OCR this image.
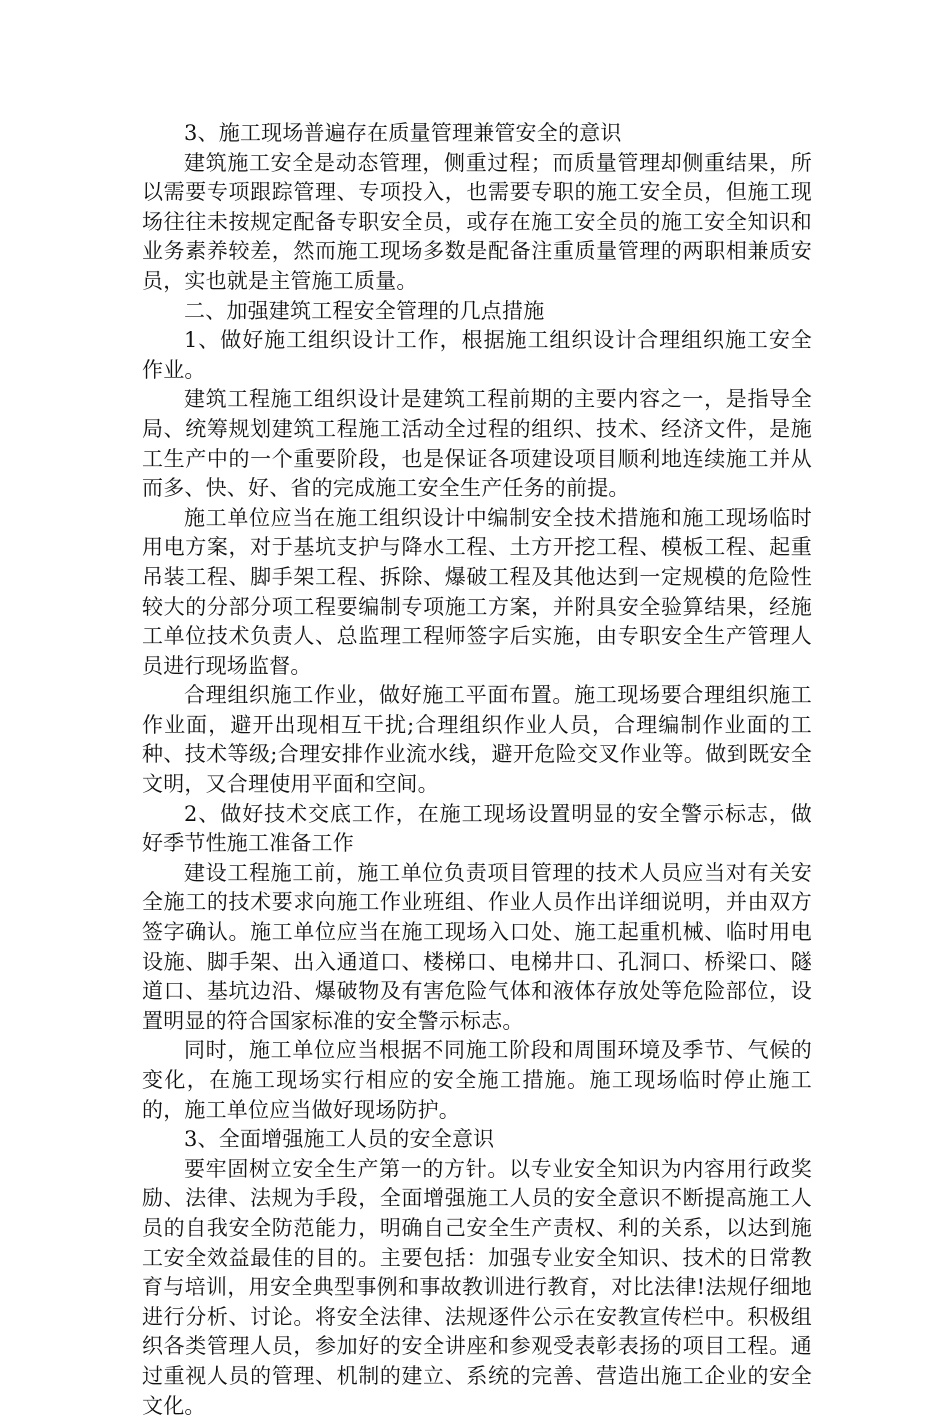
3、施工现场普遍存在质量管理兼管安全的意识

建筑施工安全是动态管理，侧重过程；而质量管理却侧重结果，所以需要专项跟踪管理、专项投入，也需要专职的施工安全员，但施工现场往往未按规定配备专职安全员，或存在施工安全员的施工安全知识和业务素养较差，然而施工现场多数是配备注重质量管理的两职相兼质安员，实也就是主管施工质量。

二、加强建筑工程安全管理的几点措施

1、做好施工组织设计工作，根据施工组织设计合理组织施工安全作业。

建筑工程施工组织设计是建筑工程前期的主要内容之一，是指导全局、统筹规划建筑工程施工活动全过程的组织、技术、经济文件，是施工生产中的一个重要阶段，也是保证各项建设项目顺利地连续施工并从而多、快、好、省的完成施工安全生产任务的前提。

施工单位应当在施工组织设计中编制安全技术措施和施工现场临时用电方案，对于基坑支护与降水工程、土方开挖工程、模板工程、起重吊装工程、脚手架工程、拆除、爆破工程及其他达到一定规模的危险性较大的分部分项工程要编制专项施工方案，并附具安全验算结果，经施工单位技术负责人、总监理工程师签字后实施，由专职安全生产管理人员进行现场监督。

合理组织施工作业，做好施工平面布置。施工现场要合理组织施工作业面，避开出现相互干扰;合理组织作业人员，合理编制作业面的工种、技术等级;合理安排作业流水线，避开危险交叉作业等。做到既安全文明，又合理使用平面和空间。

2、做好技术交底工作，在施工现场设置明显的安全警示标志，做好季节性施工准备工作

建设工程施工前，施工单位负责项目管理的技术人员应当对有关安全施工的技术要求向施工作业班组、作业人员作出详细说明，并由双方签字确认。施工单位应当在施工现场入口处、施工起重机械、临时用电设施、脚手架、出入通道口、楼梯口、电梯井口、孔洞口、桥梁口、隧道口、基坑边沿、爆破物及有害危险气体和液体存放处等危险部位，设置明显的符合国家标准的安全警示标志。

同时，施工单位应当根据不同施工阶段和周围环境及季节、气候的变化，在施工现场实行相应的安全施工措施。施工现场临时停止施工的，施工单位应当做好现场防护。

3、全面增强施工人员的安全意识

要牢固树立安全生产第一的方针。以专业安全知识为内容用行政奖励、法律、法规为手段，全面增强施工人员的安全意识不断提高施工人员的自我安全防范能力，明确自己安全生产责权、利的关系，以达到施工安全效益最佳的目的。主要包括：加强专业安全知识、技术的日常教育与培训，用安全典型事例和事故教训进行教育，对比法律!法规仔细地进行分析、讨论。将安全法律、法规逐件公示在安教宣传栏中。积极组织各类管理人员，参加好的安全讲座和参观受表彰表扬的项目工程。通过重视人员的管理、机制的建立、系统的完善、营造出施工企业的安全文化。
